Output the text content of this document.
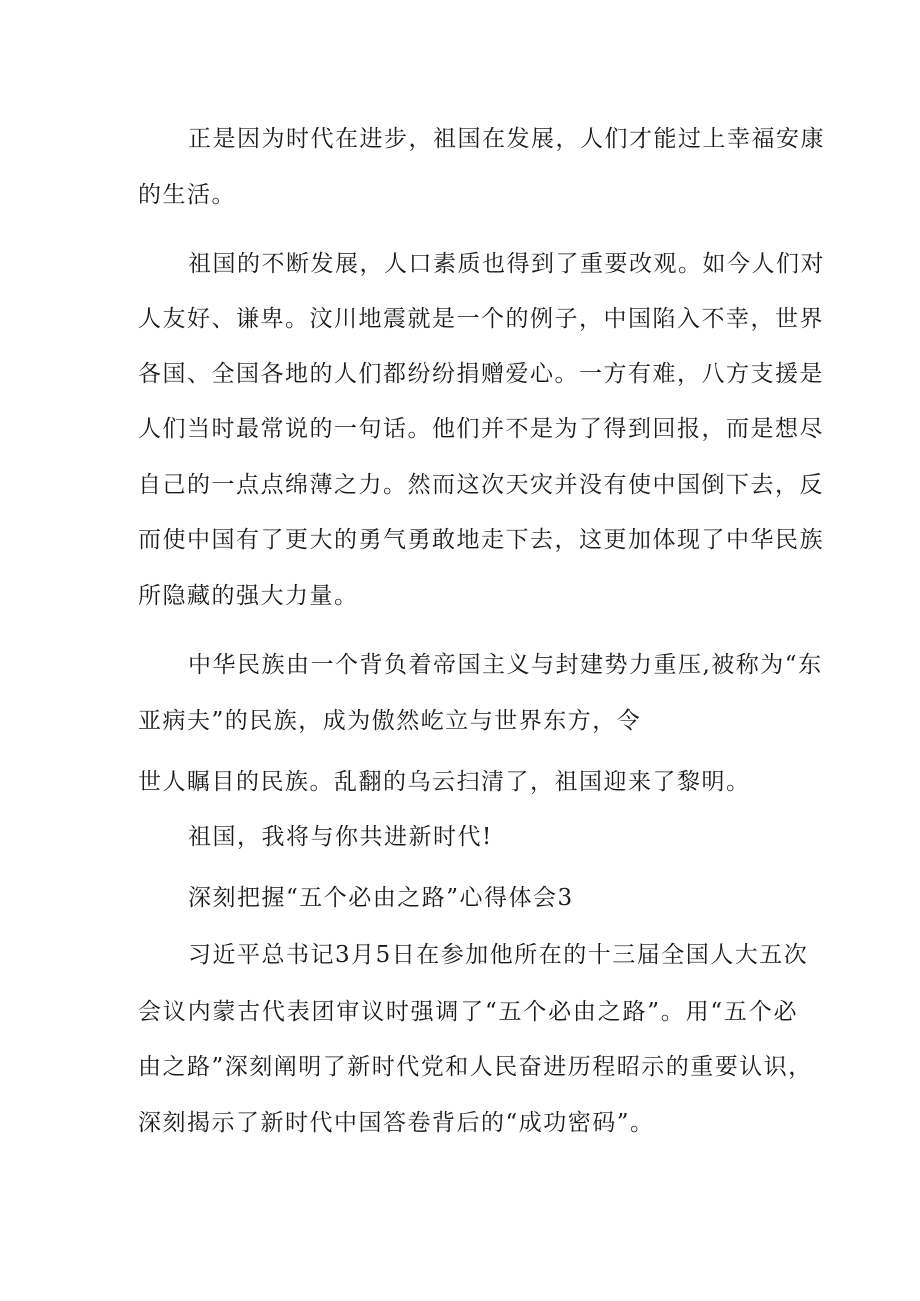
正是因为时代在进步，祖国在发展，人们才能过上幸福安康
的生活。
祖国的不断发展，人口素质也得到了重要改观。如今人们对
人友好、谦卑。汶川地震就是一个的例子，中国陷入不幸，世界
各国、全国各地的人们都纷纷捐赠爱心。一方有难，八方支援是
人们当时最常说的一句话。他们并不是为了得到回报，而是想尽
自己的一点点绵薄之力。然而这次天灾并没有使中国倒下去，反
而使中国有了更大的勇气勇敢地走下去，这更加体现了中华民族
所隐藏的强大力量。
中华民族由一个背负着帝国主义与封建势力重压,被称为“东
亚病夫”的民族，成为傲然屹立与世界东方，令
世人瞩目的民族。乱翻的乌云扫清了，祖国迎来了黎明。
祖国，我将与你共进新时代!
深刻把握“五个必由之路”心得体会3
习近平总书记3月5日在参加他所在的十三届全国人大五次
会议内蒙古代表团审议时强调了“五个必由之路”。用“五个必
由之路”深刻阐明了新时代党和人民奋进历程昭示的重要认识，
深刻揭示了新时代中国答卷背后的“成功密码”。
